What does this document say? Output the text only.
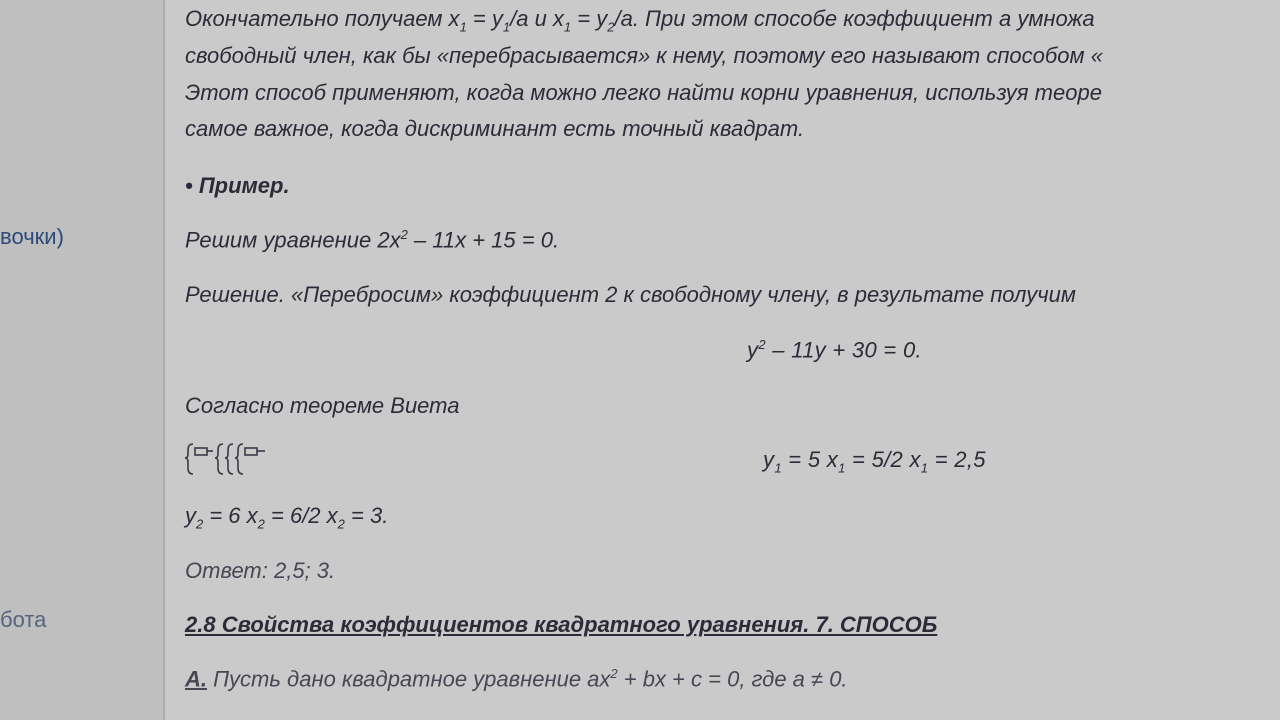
вочки)
бота
Окончательно получаем $x_1 = y_1/a$ и $x_1 = y_2/a$. При этом способе коэффициент а умножа
свободный член, как бы «перебрасывается» к нему, поэтому его называют способом «
Этот способ применяют, когда можно легко найти корни уравнения, используя теоре
самое важное, когда дискриминант есть точный квадрат.
• Пример.
Решим уравнение $2x^2 - 11x + 15 = 0$.
Решение. «Перебросим» коэффициент 2 к свободному члену, в результате получим
$y^2 - 11y + 30 = 0$.
Согласно теореме Виета
$y_1 = 5$ $x_1 = 5/2$ $x_1 = 2,5$
$y_2 = 6$ $x_2 = 6/2$ $x_2 = 3$.
Ответ: 2,5; 3.
2.8 Свойства коэффициентов квадратного уравнения. 7. СПОСОБ
А. Пусть дано квадратное уравнение $ax^2$ + bx + c = 0, где а ≠ 0.
